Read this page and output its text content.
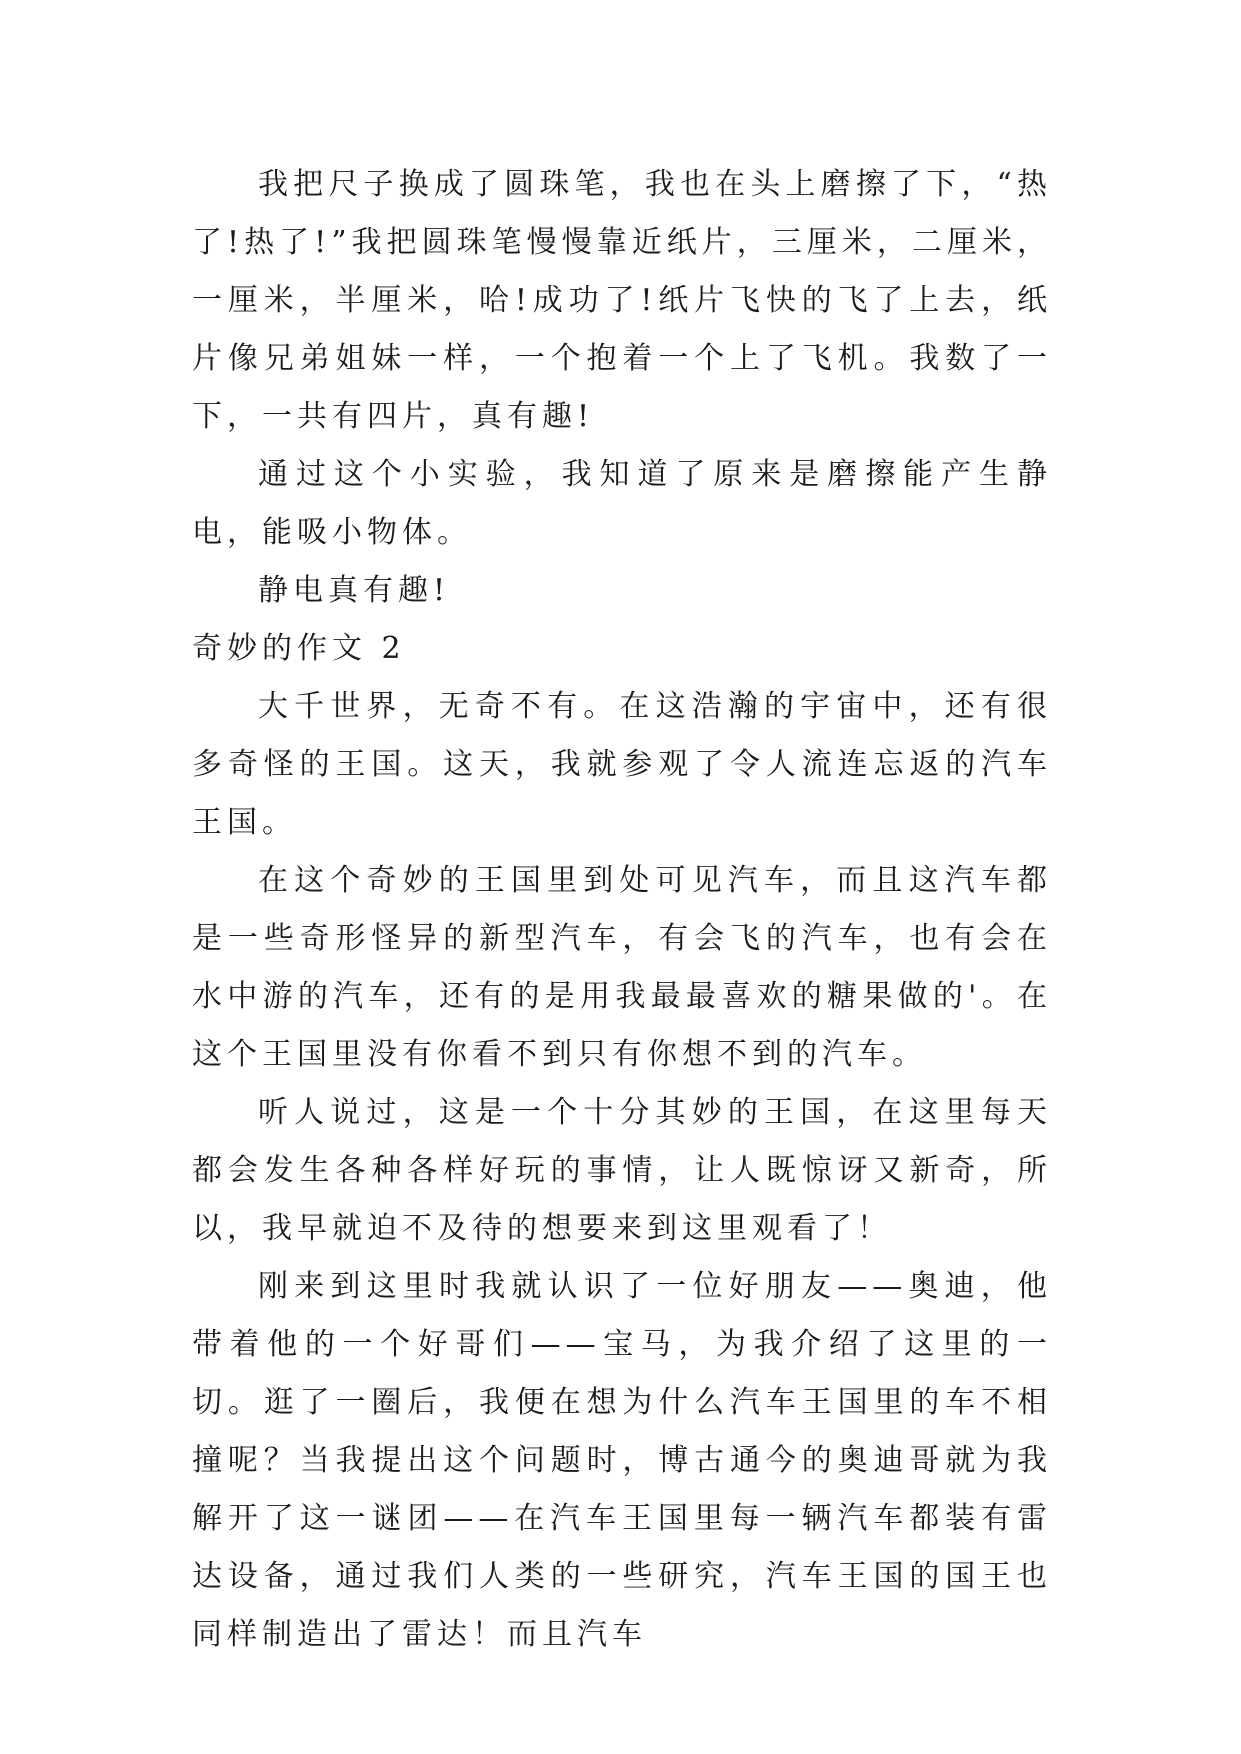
我把尺子换成了圆珠笔，我也在头上磨擦了下，“热了!热了!”我把圆珠笔慢慢靠近纸片，三厘米，二厘米，一厘米，半厘米，哈!成功了!纸片飞快的飞了上去，纸片像兄弟姐妹一样，一个抱着一个上了飞机。我数了一下，一共有四片，真有趣!

通过这个小实验，我知道了原来是磨擦能产生静电，能吸小物体。

静电真有趣!

奇妙的作文 2

大千世界，无奇不有。在这浩瀚的宇宙中，还有很多奇怪的王国。这天，我就参观了令人流连忘返的汽车王国。

在这个奇妙的王国里到处可见汽车，而且这汽车都是一些奇形怪异的新型汽车，有会飞的汽车，也有会在水中游的汽车，还有的是用我最最喜欢的糖果做的'。在这个王国里没有你看不到只有你想不到的汽车。

听人说过，这是一个十分其妙的王国，在这里每天都会发生各种各样好玩的事情，让人既惊讶又新奇，所以，我早就迫不及待的想要来到这里观看了！

刚来到这里时我就认识了一位好朋友——奥迪，他带着他的一个好哥们——宝马，为我介绍了这里的一切。逛了一圈后，我便在想为什么汽车王国里的车不相撞呢？当我提出这个问题时，博古通今的奥迪哥就为我解开了这一谜团——在汽车王国里每一辆汽车都装有雷达设备，通过我们人类的一些研究，汽车王国的国王也同样制造出了雷达！而且汽车
